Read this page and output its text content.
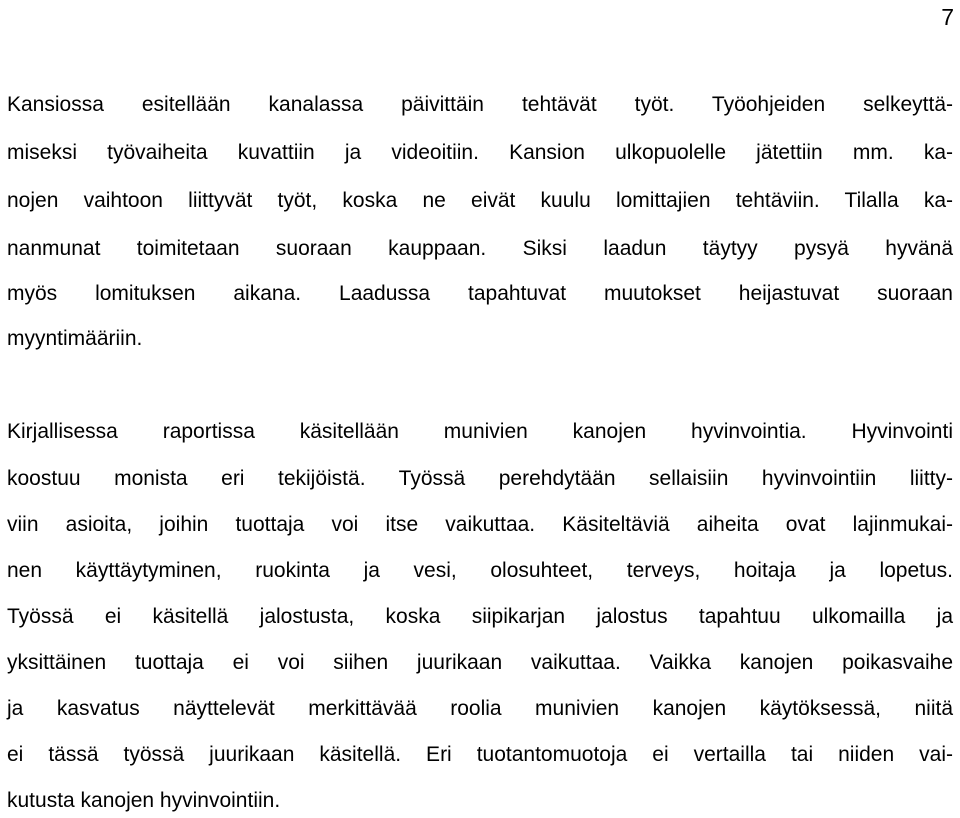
7
Kansiossa esitellään kanalassa päivittäin tehtävät työt. Työohjeiden selkeyttä-
miseksi työvaiheita kuvattiin ja videoitiin. Kansion ulkopuolelle jätettiin mm. ka-
nojen vaihtoon liittyvät työt, koska ne eivät kuulu lomittajien tehtäviin. Tilalla ka-
nanmunat toimitetaan suoraan kauppaan. Siksi laadun täytyy pysyä hyvänä
myös lomituksen aikana. Laadussa tapahtuvat muutokset heijastuvat suoraan
myyntimääriin.
Kirjallisessa raportissa käsitellään munivien kanojen hyvinvointia. Hyvinvointi
koostuu monista eri tekijöistä. Työssä perehdytään sellaisiin hyvinvointiin liitty-
viin asioita, joihin tuottaja voi itse vaikuttaa. Käsiteltäviä aiheita ovat lajinmukai-
nen käyttäytyminen, ruokinta ja vesi, olosuhteet, terveys, hoitaja ja lopetus.
Työssä ei käsitellä jalostusta, koska siipikarjan jalostus tapahtuu ulkomailla ja
yksittäinen tuottaja ei voi siihen juurikaan vaikuttaa. Vaikka kanojen poikasvaihe
ja kasvatus näyttelevät merkittävää roolia munivien kanojen käytöksessä, niitä
ei tässä työssä juurikaan käsitellä. Eri tuotantomuotoja ei vertailla tai niiden vai-
kutusta kanojen hyvinvointiin.
